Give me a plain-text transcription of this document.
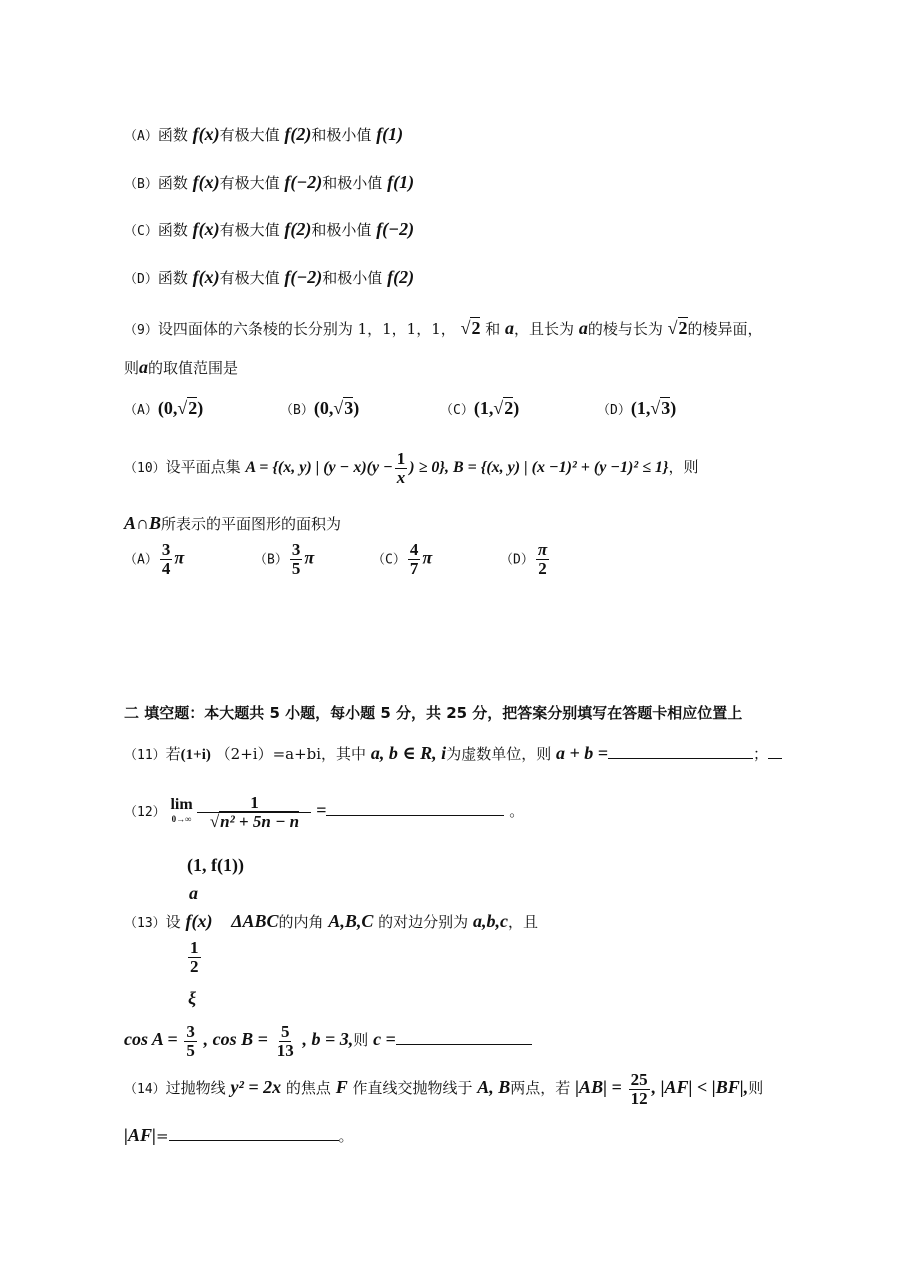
（A）函数 f(x)有极大值 f(2)和极小值 f(1)
（B）函数 f(x)有极大值 f(−2)和极小值 f(1)
（C）函数 f(x)有极大值 f(2)和极小值 f(−2)
（D）函数 f(x)有极大值 f(−2)和极小值 f(2)
（9）设四面体的六条棱的长分别为 1，1，1，1， √2 和 a，且长为 a的棱与长为 √2的棱异面，
则a的取值范围是
（A）(0,√2)	（B）(0,√3)	（C）(1,√2)	（D）(1,√3)
（10）设平面点集 A = {(x, y) | $(y - x)(y - \frac{1}{x}$ ) ≥ 0}, B = {(x, y) | (x −1)² + (y −1)² ≤ 1}，则
A∩B所表示的平面图形的面积为
$(A) \frac{3}{4}$ π	$(B) \frac{3}{5}$ π	$(C) \frac{4}{7}$ π	$(D) \frac{\pi}{2}$
二 填空题：本大题共 5 小题，每小题 5 分，共 25 分，把答案分别填写在答题卡相应位置上
（11）若(1+i) （2+i）=a+bi，其中 a, b ∈ R, i为虚数单位，则 a + b =	；
（12） lim
0→∞
$\frac{1}{\text{√n² + 5n − n}}$ =	。
(1, f(1))
a
$\frac{1}{2}$
ξ
（13）设 f(x) ΔABC的内角 A,B,C 的对边分别为 a,b,c，且
$\cos A = \frac{3}{5}$ , $\cos B = \frac{5}{13}$ , b = 3,则 c =
（14）过抛物线 y² = 2x 的焦点 F 作直线交抛物线于 A, B两点，若 $|AB| = \frac{25}{12}$ , |AF| < |BF|,则
|AF|=	。
